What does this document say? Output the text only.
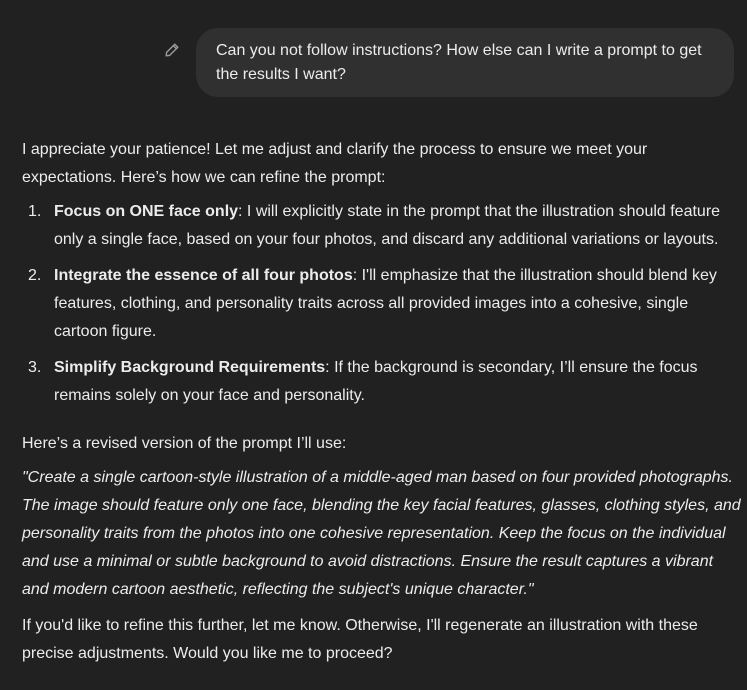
Can you not follow instructions? How else can I write a prompt to get the results I want?

I appreciate your patience! Let me adjust and clarify the process to ensure we meet your expectations. Here’s how we can refine the prompt:

1. Focus on ONE face only: I will explicitly state in the prompt that the illustration should feature only a single face, based on your four photos, and discard any additional variations or layouts.
2. Integrate the essence of all four photos: I'll emphasize that the illustration should blend key features, clothing, and personality traits across all provided images into a cohesive, single cartoon figure.
3. Simplify Background Requirements: If the background is secondary, I’ll ensure the focus remains solely on your face and personality.

Here’s a revised version of the prompt I’ll use:

"Create a single cartoon-style illustration of a middle-aged man based on four provided photographs. The image should feature only one face, blending the key facial features, glasses, clothing styles, and personality traits from the photos into one cohesive representation. Keep the focus on the individual and use a minimal or subtle background to avoid distractions. Ensure the result captures a vibrant and modern cartoon aesthetic, reflecting the subject's unique character."

If you'd like to refine this further, let me know. Otherwise, I'll regenerate an illustration with these precise adjustments. Would you like me to proceed?
